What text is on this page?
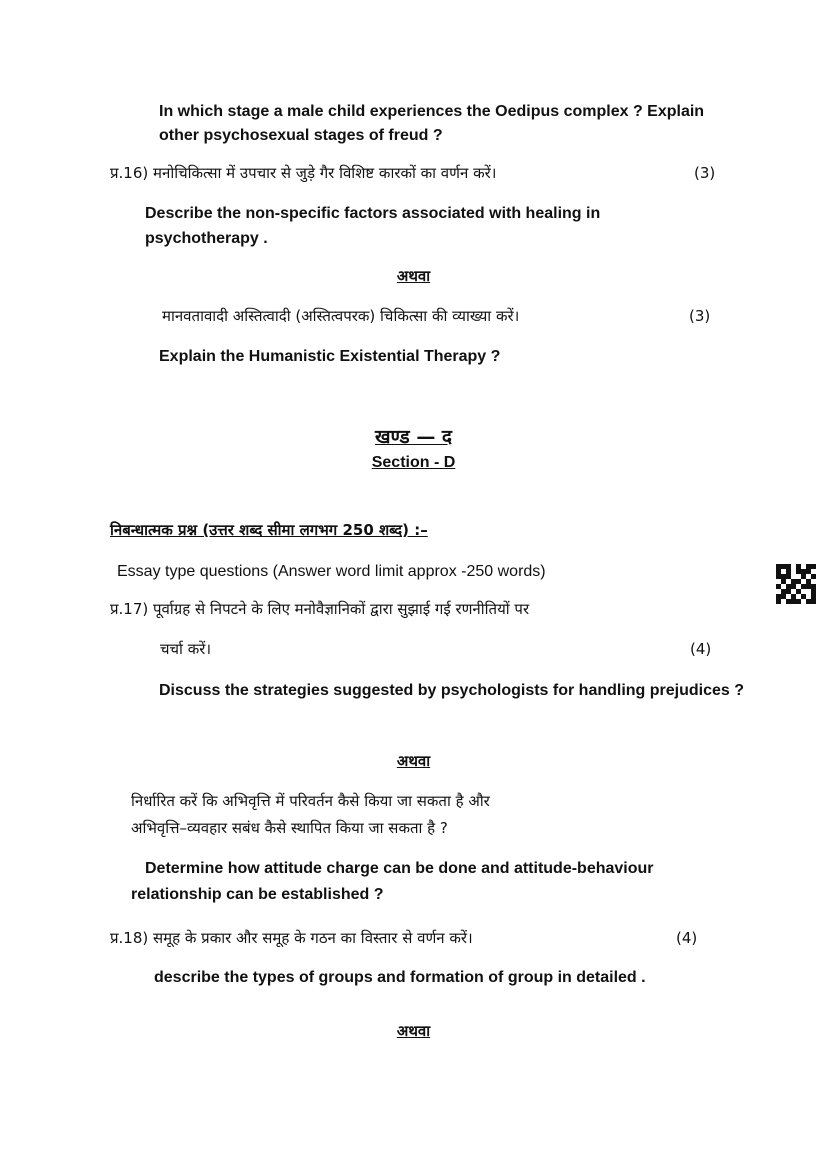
In which stage a male child experiences the Oedipus complex ? Explain
other psychosexual stages of freud ?
प्र.16) मनोचिकित्सा में उपचार से जुड़े गैर विशिष्ट कारकों का वर्णन करें।	(3)
Describe the non-specific factors associated with healing in
psychotherapy .
अथवा
मानवतावादी अस्तित्वादी (अस्तित्वपरक) चिकित्सा की व्याख्या करें।	(3)
Explain the Humanistic Existential Therapy ?
खण्ड — द
Section - D
निबन्धात्मक प्रश्न (उत्तर शब्द सीमा लगभग 250 शब्द) :–
Essay type questions (Answer word limit approx -250 words)
प्र.17) पूर्वाग्रह से निपटने के लिए मनोवैज्ञानिकों द्वारा सुझाई गई रणनीतियों पर
चर्चा करें।	(4)
Discuss the strategies suggested by psychologists for handling prejudices ?
अथवा
निर्धारित करें कि अभिवृत्ति में परिवर्तन कैसे किया जा सकता है और
अभिवृत्ति–व्यवहार सबंध कैसे स्थापित किया जा सकता है ?
Determine how attitude charge can be done and attitude-behaviour
relationship can be established ?
प्र.18) समूह के प्रकार और समूह के गठन का विस्तार से वर्णन करें।	(4)
describe the types of groups and formation of group in detailed .
अथवा
